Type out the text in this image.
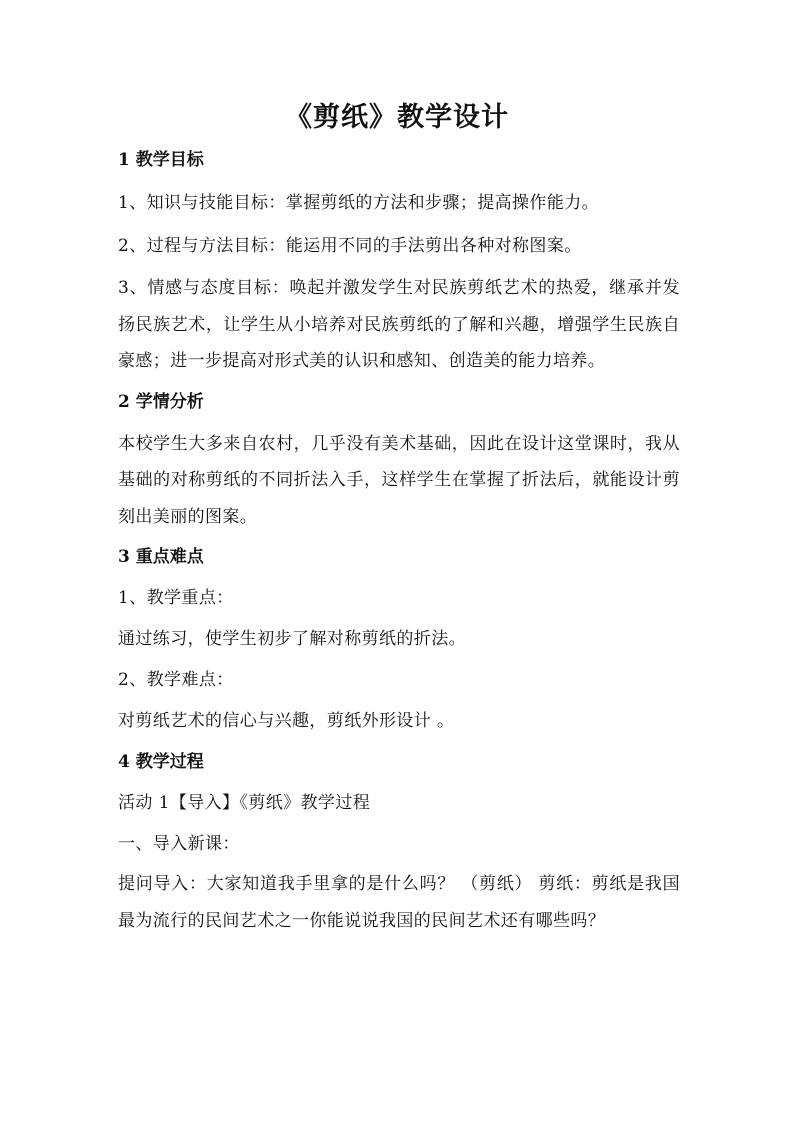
《剪纸》教学设计

1 教学目标

1、知识与技能目标：掌握剪纸的方法和步骤；提高操作能力。

2、过程与方法目标：能运用不同的手法剪出各种对称图案。

3、情感与态度目标：唤起并激发学生对民族剪纸艺术的热爱，继承并发扬民族艺术，让学生从小培养对民族剪纸的了解和兴趣，增强学生民族自豪感；进一步提高对形式美的认识和感知、创造美的能力培养。

2 学情分析

本校学生大多来自农村，几乎没有美术基础，因此在设计这堂课时，我从基础的对称剪纸的不同折法入手，这样学生在掌握了折法后，就能设计剪刻出美丽的图案。

3 重点难点

1、教学重点：

通过练习，使学生初步了解对称剪纸的折法。

2、教学难点：

对剪纸艺术的信心与兴趣，剪纸外形设计 。

4 教学过程

活动 1【导入】《剪纸》教学过程

一、导入新课：

提问导入：大家知道我手里拿的是什么吗？ （剪纸） 剪纸：剪纸是我国最为流行的民间艺术之一你能说说我国的民间艺术还有哪些吗？
